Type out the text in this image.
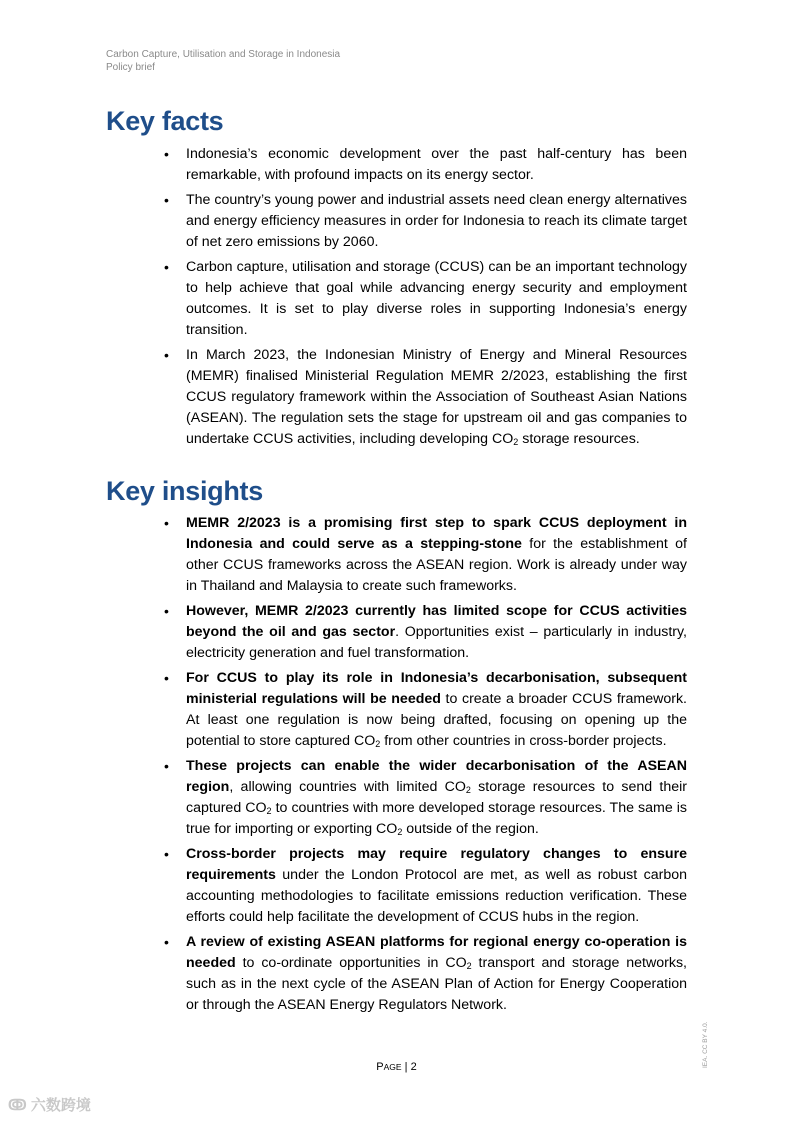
Carbon Capture, Utilisation and Storage in Indonesia
Policy brief
Key facts
• Indonesia’s economic development over the past half-century has been remarkable, with profound impacts on its energy sector.
• The country’s young power and industrial assets need clean energy alternatives and energy efficiency measures in order for Indonesia to reach its climate target of net zero emissions by 2060.
• Carbon capture, utilisation and storage (CCUS) can be an important technology to help achieve that goal while advancing energy security and employment outcomes. It is set to play diverse roles in supporting Indonesia’s energy transition.
• In March 2023, the Indonesian Ministry of Energy and Mineral Resources (MEMR) finalised Ministerial Regulation MEMR 2/2023, establishing the first CCUS regulatory framework within the Association of Southeast Asian Nations (ASEAN). The regulation sets the stage for upstream oil and gas companies to undertake CCUS activities, including developing $CO_2$ storage resources.
Key insights
• MEMR 2/2023 is a promising first step to spark CCUS deployment in Indonesia and could serve as a stepping-stone for the establishment of other CCUS frameworks across the ASEAN region. Work is already under way in Thailand and Malaysia to create such frameworks.
• However, MEMR 2/2023 currently has limited scope for CCUS activities beyond the oil and gas sector. Opportunities exist – particularly in industry, electricity generation and fuel transformation.
• For CCUS to play its role in Indonesia’s decarbonisation, subsequent ministerial regulations will be needed to create a broader CCUS framework. At least one regulation is now being drafted, focusing on opening up the potential to store captured $CO_2$ from other countries in cross-border projects.
• These projects can enable the wider decarbonisation of the ASEAN region, allowing countries with limited $CO_2$ storage resources to send their captured $CO_2$ to countries with more developed storage resources. The same is true for importing or exporting $CO_2$ outside of the region.
• Cross-border projects may require regulatory changes to ensure requirements under the London Protocol are met, as well as robust carbon accounting methodologies to facilitate emissions reduction verification. These efforts could help facilitate the development of CCUS hubs in the region.
• A review of existing ASEAN platforms for regional energy co-operation is needed to co-ordinate opportunities in $CO_2$ transport and storage networks, such as in the next cycle of the ASEAN Plan of Action for Energy Cooperation or through the ASEAN Energy Regulators Network.
PAGE | 2	IEA. CC BY 4.0.
ↂ 六数跨境
